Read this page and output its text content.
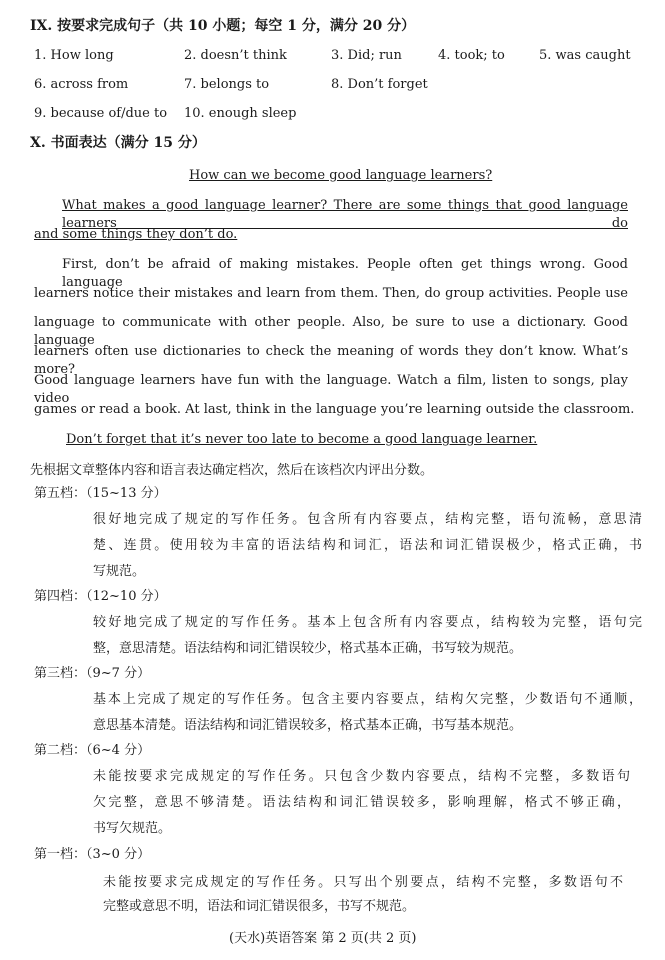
IX. 按要求完成句子（共 10 小题；每空 1 分，满分 20 分）
1. How long	2. doesn’t think	3. Did; run	4. took; to	5. was caught
6. across from	7. belongs to	8. Don’t forget
9. because of/due to 10. enough sleep
X. 书面表达（满分 15 分）
How can we become good language learners?
What makes a good language learner? There are some things that good language learners do
and some things they don’t do.
First, don’t be afraid of making mistakes. People often get things wrong. Good language
learners notice their mistakes and learn from them. Then, do group activities. People use
language to communicate with other people. Also, be sure to use a dictionary. Good language
learners often use dictionaries to check the meaning of words they don’t know. What’s more?
Good language learners have fun with the language. Watch a film, listen to songs, play video
games or read a book. At last, think in the language you’re learning outside the classroom.
Don’t forget that it’s never too late to become a good language learner.
先根据文章整体内容和语言表达确定档次，然后在该档次内评出分数。
第五档：（15~13 分）
很好地完成了规定的写作任务。包含所有内容要点，结构完整，语句流畅，意思清
楚、连贯。使用较为丰富的语法结构和词汇，语法和词汇错误极少，格式正确，书
写规范。
第四档：（12~10 分）
较好地完成了规定的写作任务。基本上包含所有内容要点，结构较为完整，语句完
整，意思清楚。语法结构和词汇错误较少，格式基本正确，书写较为规范。
第三档：（9~7 分）
基本上完成了规定的写作任务。包含主要内容要点，结构欠完整，少数语句不通顺，
意思基本清楚。语法结构和词汇错误较多，格式基本正确，书写基本规范。
第二档：（6~4 分）
未能按要求完成规定的写作任务。只包含少数内容要点，结构不完整，多数语句
欠完整，意思不够清楚。语法结构和词汇错误较多，影响理解，格式不够正确，
书写欠规范。
第一档：（3~0 分）
未能按要求完成规定的写作任务。只写出个别要点，结构不完整，多数语句不
完整或意思不明，语法和词汇错误很多，书写不规范。
(天水)英语答案 第 2 页(共 2 页)
